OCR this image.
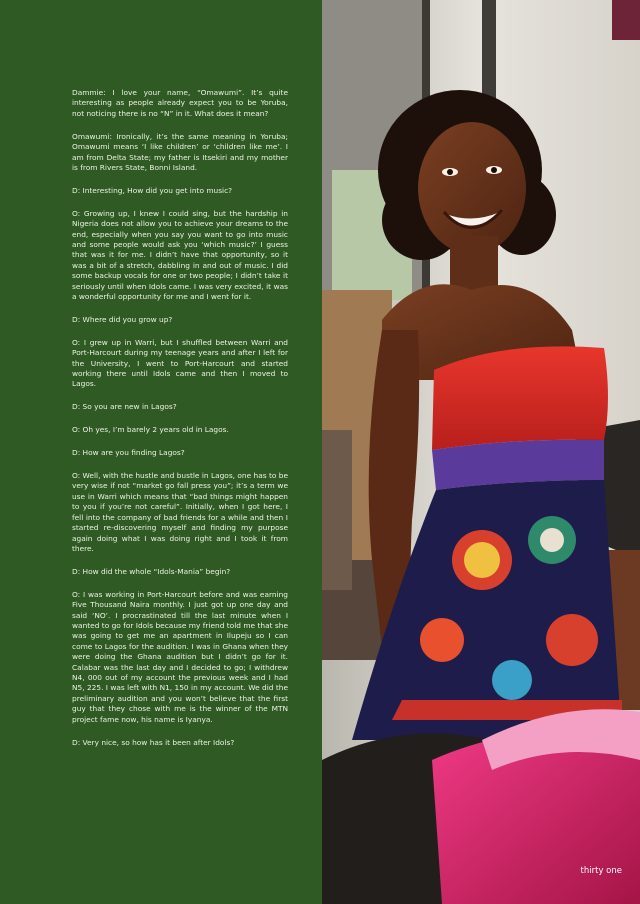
Dammie: I love your name, “Omawumi”. It’s quite interesting as people already expect you to be Yoruba, not noticing there is no “N” in it. What does it mean?

Omawumi: Ironically, it’s the same meaning in Yoruba; Omawumi means ‘I like children’ or ‘children like me’. I am from Delta State; my father is Itsekiri and my mother is from Rivers State, Bonni Island.

D: Interesting, How did you get into music?

O: Growing up, I knew I could sing, but the hardship in Nigeria does not allow you to achieve your dreams to the end, especially when you say you want to go into music and some people would ask you ‘which music?’ I guess that was it for me. I didn’t have that opportunity, so it was a bit of a stretch, dabbling in and out of music. I did some backup vocals for one or two people; I didn’t take it seriously until when Idols came. I was very excited, it was a wonderful opportunity for me and I went for it.

D: Where did you grow up?

O: I grew up in Warri, but I shuffled between Warri and Port-Harcourt during my teenage years and after I left for the University, I went to Port-Harcourt and started working there until Idols came and then I moved to Lagos.

D: So you are new in Lagos?

O: Oh yes, I’m barely 2 years old in Lagos.

D: How are you finding Lagos?

O: Well, with the hustle and bustle in Lagos, one has to be very wise if not “market go fall press you”; it’s a term we use in Warri which means that “bad things might happen to you if you’re not careful”. Initially, when I got here, I fell into the company of bad friends for a while and then I started re-discovering myself and finding my purpose again doing what I was doing right and I took it from there.

D: How did the whole “Idols-Mania” begin?

O: I was working in Port-Harcourt before and was earning Five Thousand Naira monthly. I just got up one day and said ‘NO’. I procrastinated till the last minute when I wanted to go for Idols because my friend told me that she was going to get me an apartment in Ilupeju so I can come to Lagos for the audition. I was in Ghana when they were doing the Ghana audition but I didn’t go for it. Calabar was the last day and I decided to go; I withdrew N4, 000 out of my account the previous week and I had N5, 225. I was left with N1, 150 in my account. We did the preliminary audition and you won’t believe that the first guy that they chose with me is the winner of the MTN project fame now, his name is Iyanya.

D: Very nice, so how has it been after Idols?

thirty one
